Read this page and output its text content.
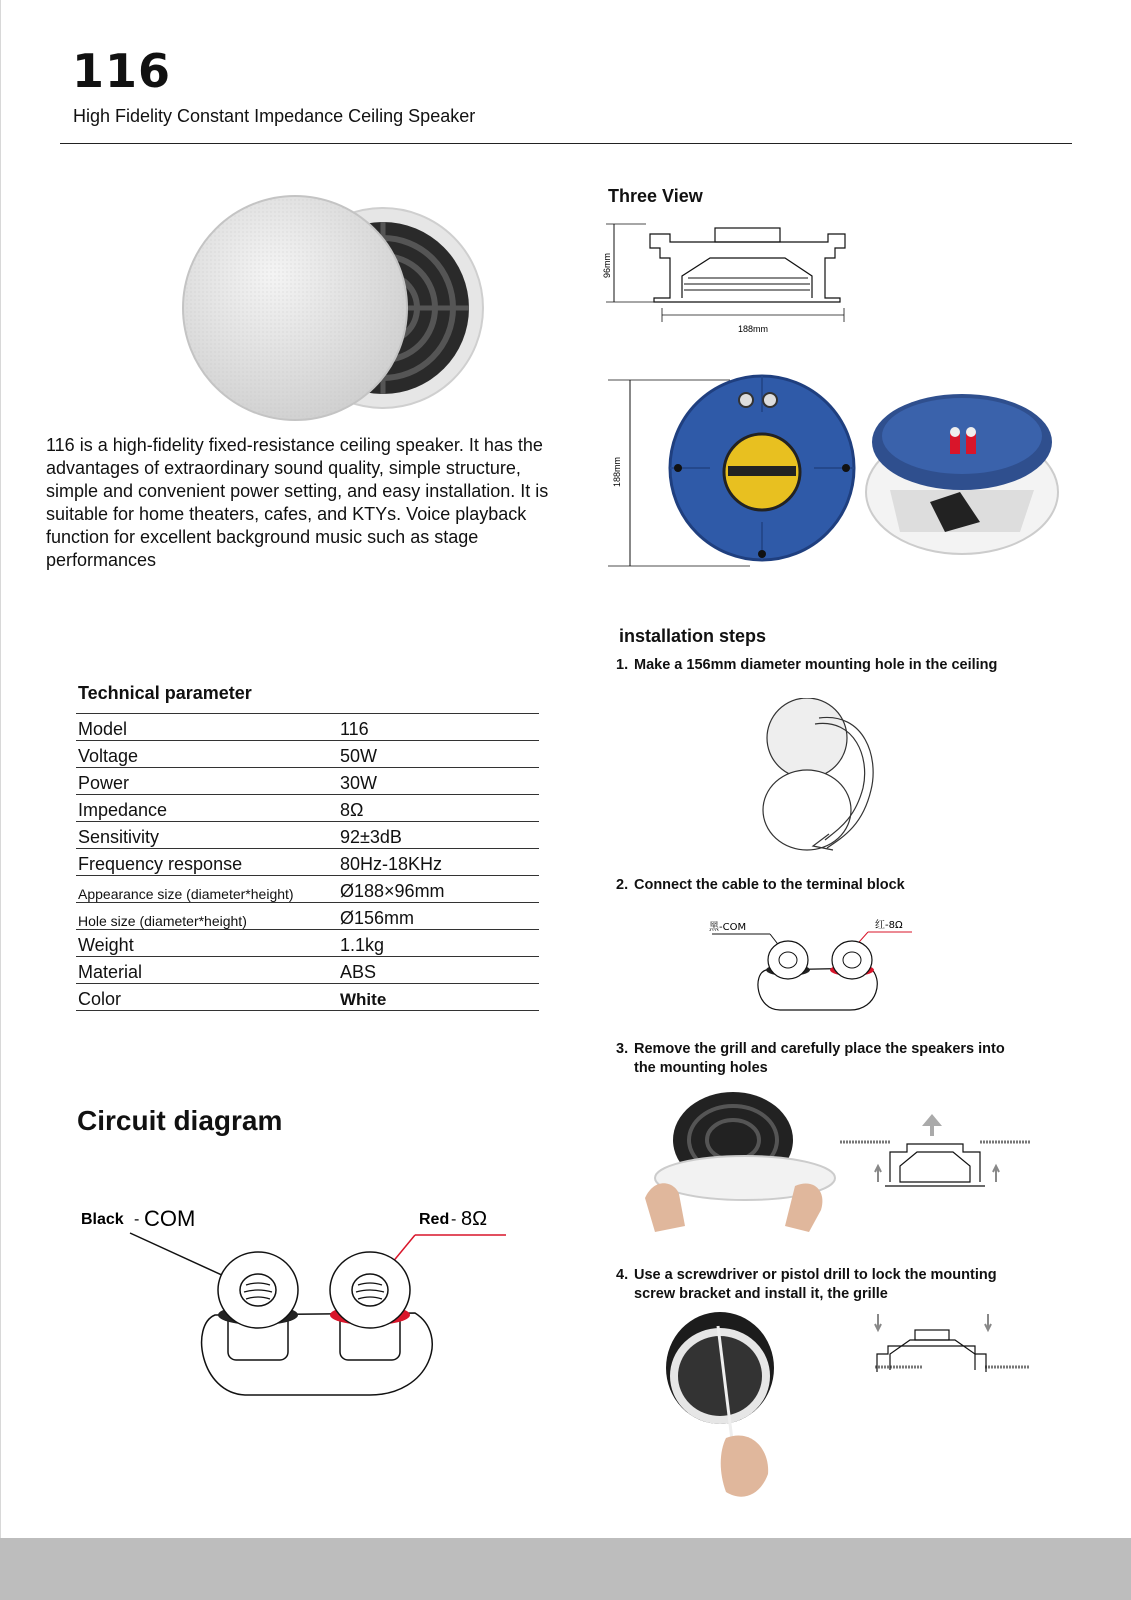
116
High Fidelity Constant Impedance Ceiling Speaker
116 is a high-fidelity fixed-resistance ceiling speaker. It has the advantages of extraordinary sound quality, simple structure, simple and convenient power setting, and easy installation. It is suitable for home theaters, cafes, and KTYs. Voice playback function for excellent background music such as stage performances
Technical parameter
Model	116
Voltage	50W
Power	30W
Impedance	8Ω
Sensitivity	92±3dB
Frequency response	80Hz-18KHz
Appearance size (diameter*height)	Ø188×96mm
Hole size (diameter*height)	Ø156mm
Weight	1.1kg
Material	ABS
Color	White
Circuit diagram
Black - COM	Red - 8Ω
Three View
96mm
188mm
188mm
installation steps
1. Make a 156mm diameter mounting hole in the ceiling
2. Connect the cable to the terminal block
黑-COM	红-8Ω
3. Remove the grill and carefully place the speakers into
the mounting holes
4. Use a screwdriver or pistol drill to lock the mounting
screw bracket and install it, the grille
